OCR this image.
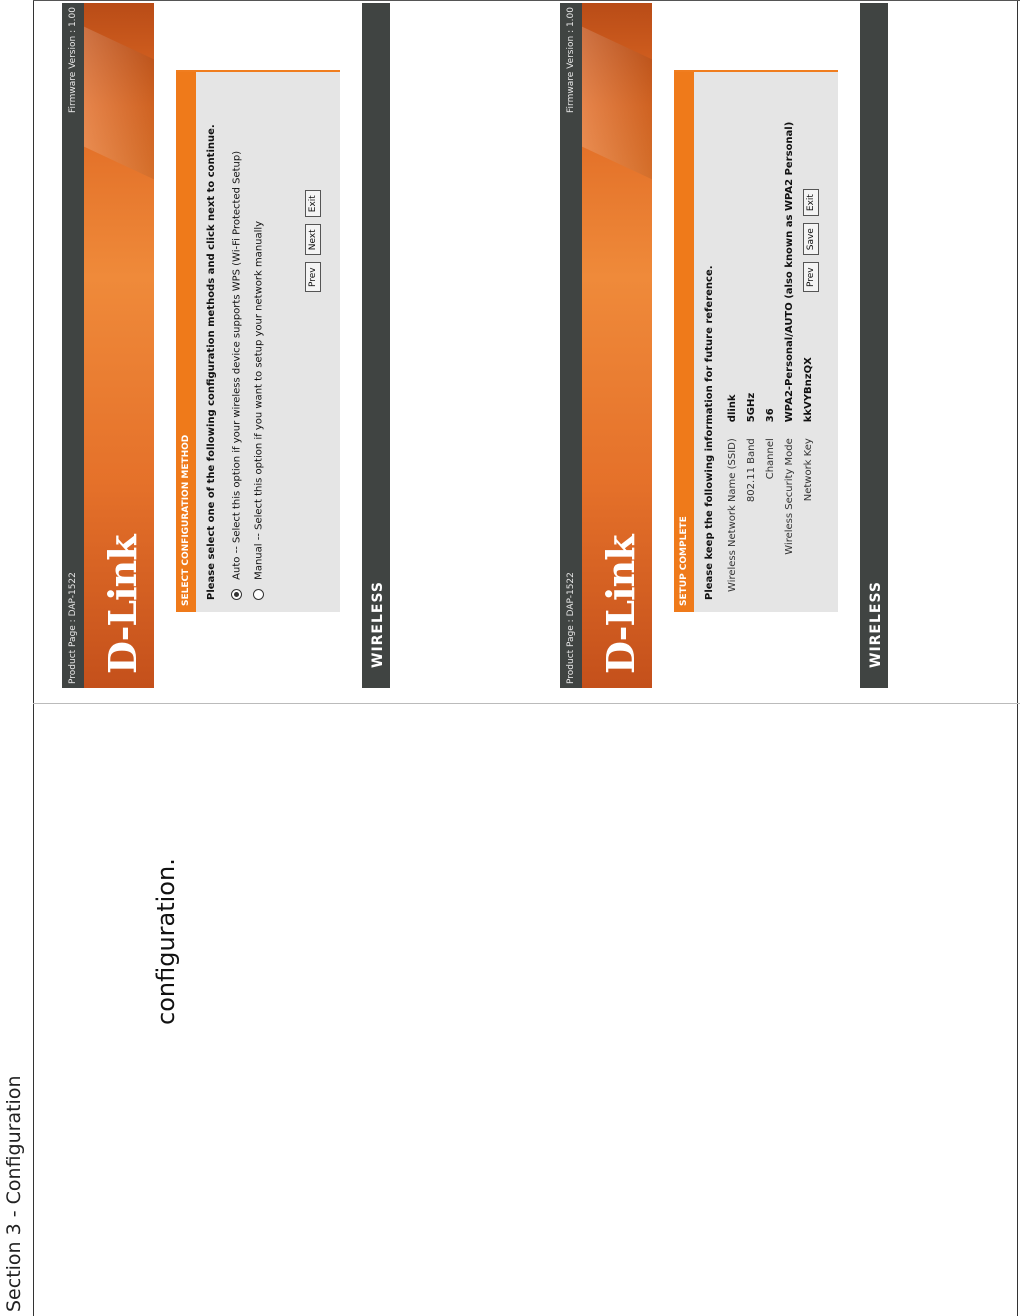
Section 3 - Configuration
configuration.
Product Page : DAP-1522
Firmware Version : 1.00
D-Link	SELECT CONFIGURATION METHOD Please select one of the following configuration methods and click next to continue. Auto -- Select this option if your wireless device supports WPS (Wi-Fi Protected Setup) Manual -- Select this option if you want to setup your network manually	Prev Next Exit
WIRELESS	Product Page : DAP-1522
Firmware Version : 1.00
D-Link	SETUP COMPLETE Please keep the following information for future reference. Wireless Network Name (SSID)	dlink
802.11 Band	5GHz
Channel	36
Wireless Security Mode	WPA2-Personal/AUTO (also known as WPA2 Personal)
Network Key	kkVYBnzQX
Prev Save Exit
WIRELESS
